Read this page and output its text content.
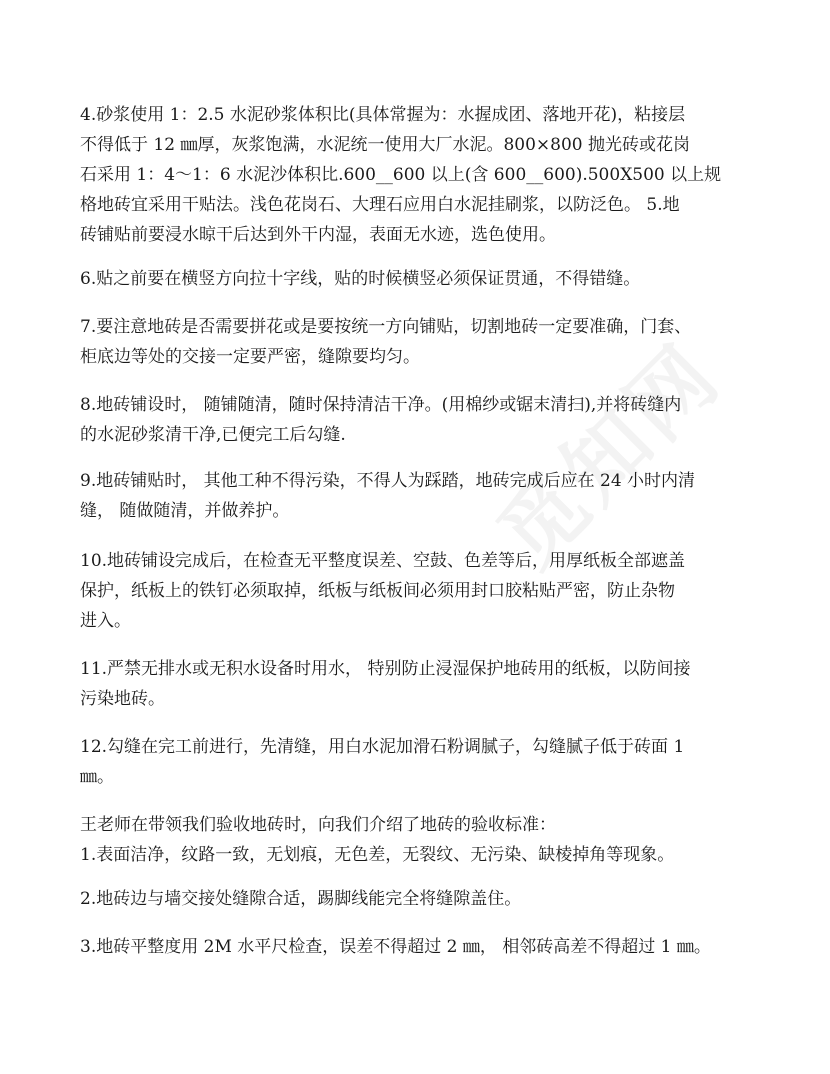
4.砂浆使用 1：2.5 水泥砂浆体积比(具体常握为：水握成团、落地开花)，粘接层
不得低于 12 ㎜厚，灰浆饱满，水泥统一使用大厂水泥。800×800 抛光砖或花岗
石采用 1：4～1：6 水泥沙体积比.600__600 以上(含 600__600).500X500 以上规
格地砖宜采用干贴法。浅色花岗石、大理石应用白水泥挂刷浆，以防泛色。 5.地
砖铺贴前要浸水晾干后达到外干内湿，表面无水迹，选色使用。
6.贴之前要在横竖方向拉十字线，贴的时候横竖必须保证贯通，不得错缝。
7.要注意地砖是否需要拼花或是要按统一方向铺贴，切割地砖一定要准确，门套、
柜底边等处的交接一定要严密，缝隙要均匀。
8.地砖铺设时， 随铺随清，随时保持清洁干净。(用棉纱或锯末清扫),并将砖缝内
的水泥砂浆清干净,已便完工后勾缝.
9.地砖铺贴时， 其他工种不得污染，不得人为踩踏，地砖完成后应在 24 小时内清
缝， 随做随清，并做养护。
10.地砖铺设完成后，在检查无平整度误差、空鼓、色差等后，用厚纸板全部遮盖
保护，纸板上的铁钉必须取掉，纸板与纸板间必须用封口胶粘贴严密，防止杂物
进入。
11.严禁无排水或无积水设备时用水， 特别防止浸湿保护地砖用的纸板，以防间接
污染地砖。
12.勾缝在完工前进行，先清缝，用白水泥加滑石粉调腻子，勾缝腻子低于砖面 1
㎜。
王老师在带领我们验收地砖时，向我们介绍了地砖的验收标准：
1.表面洁净，纹路一致，无划痕，无色差，无裂纹、无污染、缺棱掉角等现象。
2.地砖边与墙交接处缝隙合适，踢脚线能完全将缝隙盖住。
3.地砖平整度用 2M 水平尺检查，误差不得超过 2 ㎜， 相邻砖高差不得超过 1 ㎜。
